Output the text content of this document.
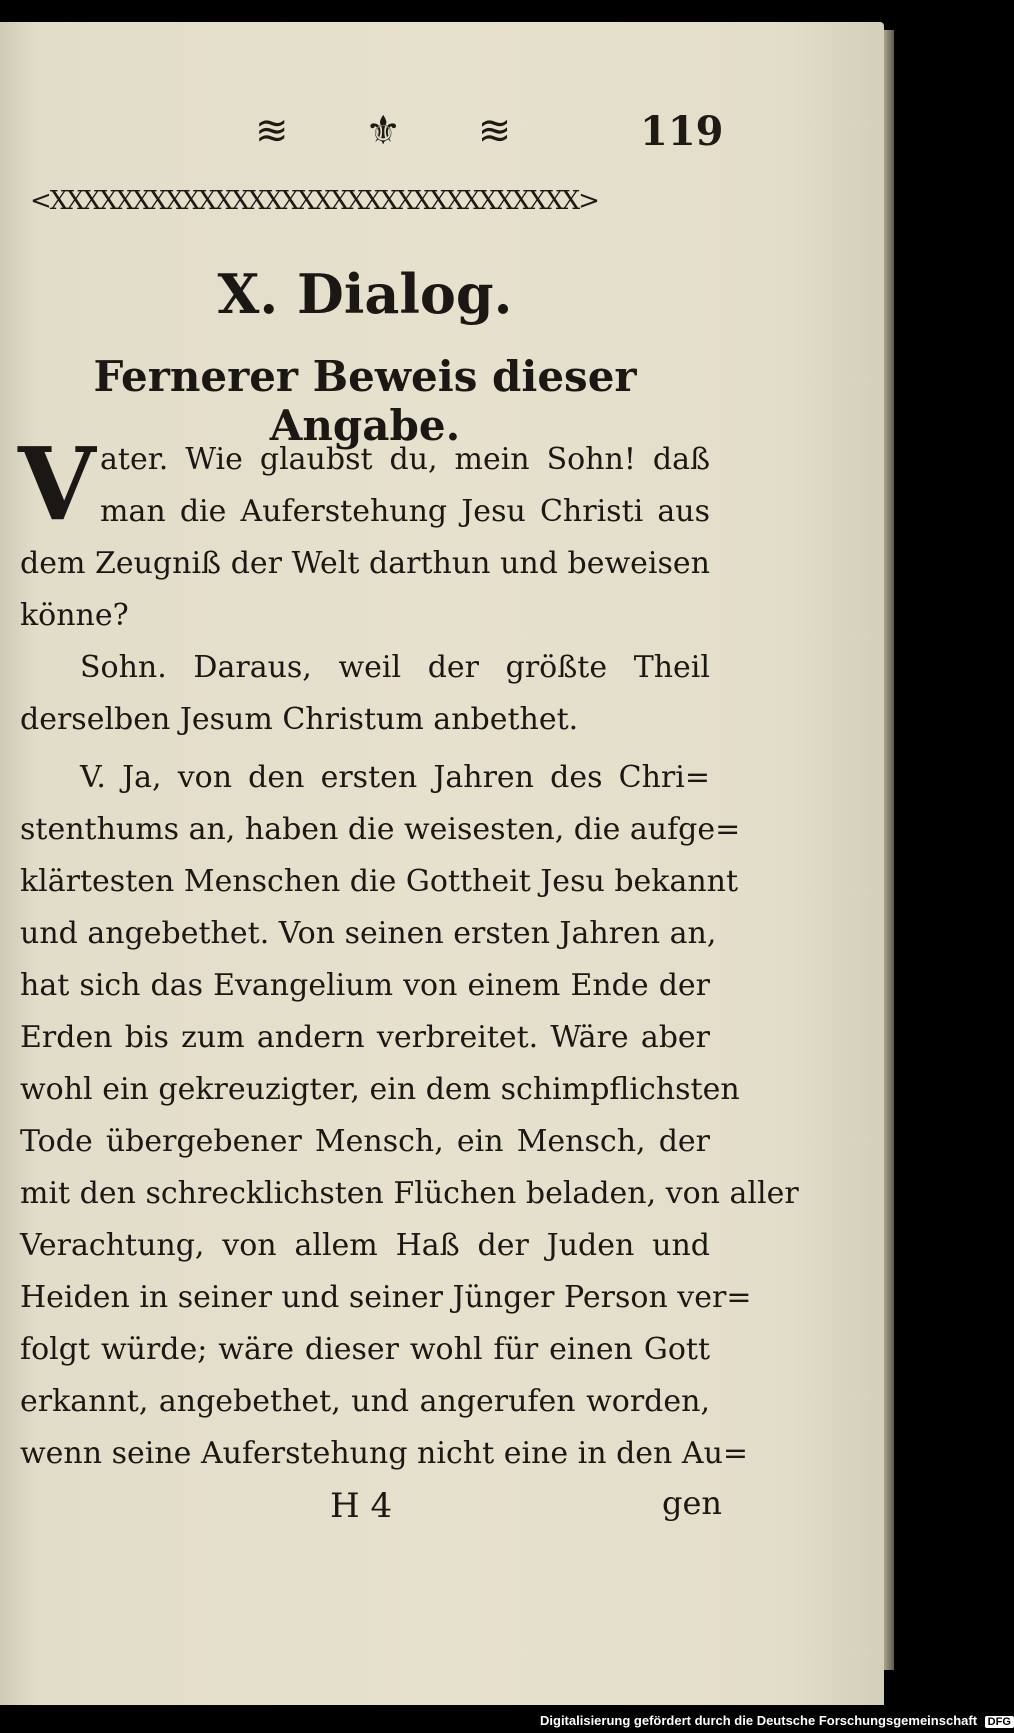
≋ ⚜ ≋ 119
<XXXXXXXXXXXXXXXXXXXXXXXXXXXXXXXX>
X. Dialog.
Fernerer Beweis dieser Angabe.
V ater. Wie glaubst du, mein Sohn! daß
man die Auferstehung Jesu Christi aus
dem Zeugniß der Welt darthun und beweisen
könne?
Sohn. Daraus, weil der größte Theil
derselben Jesum Christum anbethet.
V. Ja, von den ersten Jahren des Chri=
stenthums an, haben die weisesten, die aufge=
klärtesten Menschen die Gottheit Jesu bekannt
und angebethet. Von seinen ersten Jahren an,
hat sich das Evangelium von einem Ende der
Erden bis zum andern verbreitet. Wäre aber
wohl ein gekreuzigter, ein dem schimpflichsten
Tode übergebener Mensch, ein Mensch, der
mit den schrecklichsten Flüchen beladen, von aller
Verachtung, von allem Haß der Juden und
Heiden in seiner und seiner Jünger Person ver=
folgt würde; wäre dieser wohl für einen Gott
erkannt, angebethet, und angerufen worden,
wenn seine Auferstehung nicht eine in den Au=
H 4	gen
Digitalisierung gefördert durch die Deutsche Forschungsgemeinschaft DFG
